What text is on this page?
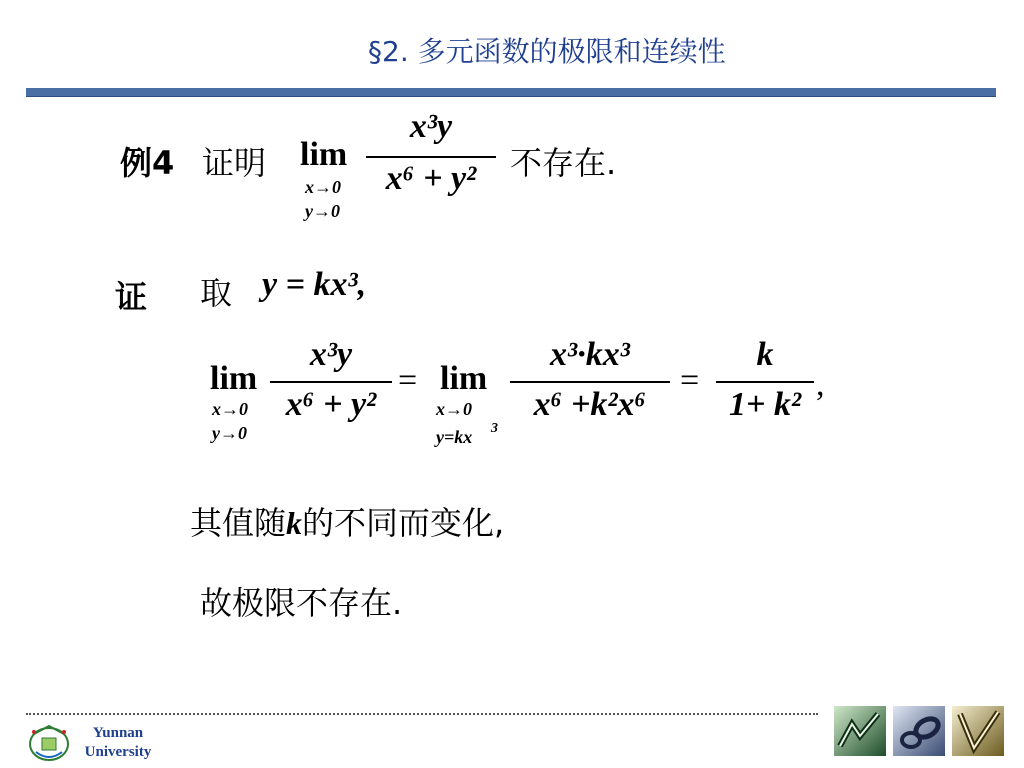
§2. 多元函数的极限和连续性
例4 证明 lim
x→0
y→0
x³y
x⁶ + y²	不存在.
证 取 y = kx³,
lim
x→0
y→0
x³y
x⁶ + y²
= lim
x→0
y=kx 3
x³·kx³
x⁶ +k²x⁶
=
k
1+ k²
,
其值随k的不同而变化,
故极限不存在.
Yunnan
University
